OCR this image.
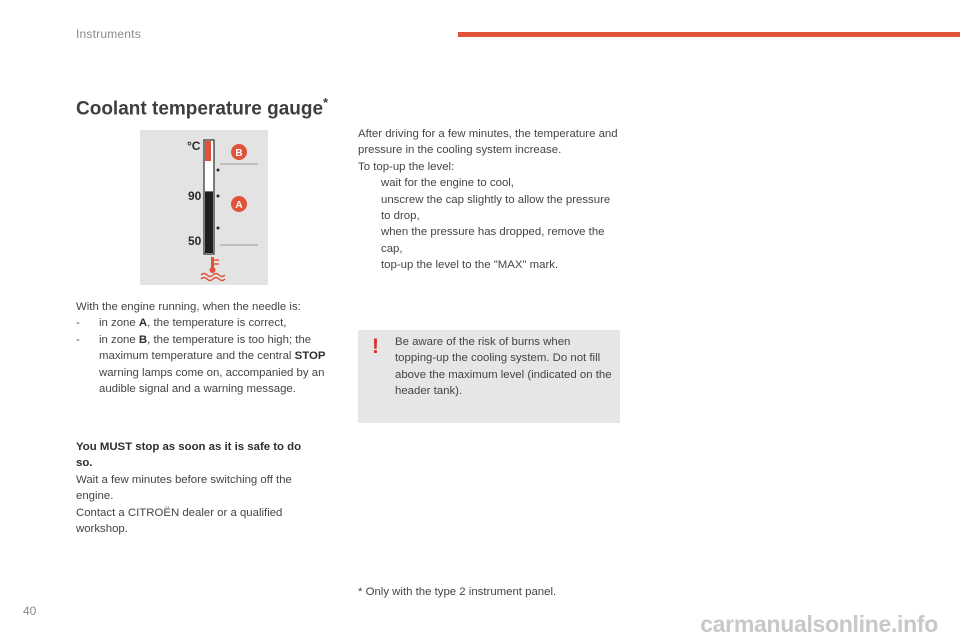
Instruments
Coolant temperature gauge*
°C
90
50
B
A

With the engine running, when the needle is:

- in zone A, the temperature is correct,
- in zone B, the temperature is too high; the maximum temperature and the central STOP warning lamps come on, accompanied by an audible signal and a warning message.

You MUST stop as soon as it is safe to do so.

Wait a few minutes before switching off the engine.

Contact a CITROËN dealer or a qualified workshop.

After driving for a few minutes, the temperature and pressure in the cooling system increase.

To top-up the level:

wait for the engine to cool,
unscrew the cap slightly to allow the pressure to drop,
when the pressure has dropped, remove the cap,
top-up the level to the "MAX" mark.
! Be aware of the risk of burns when topping-up the cooling system. Do not fill above the maximum level (indicated on the header tank).
* Only with the type 2 instrument panel.
40	carmanualsonline.info
